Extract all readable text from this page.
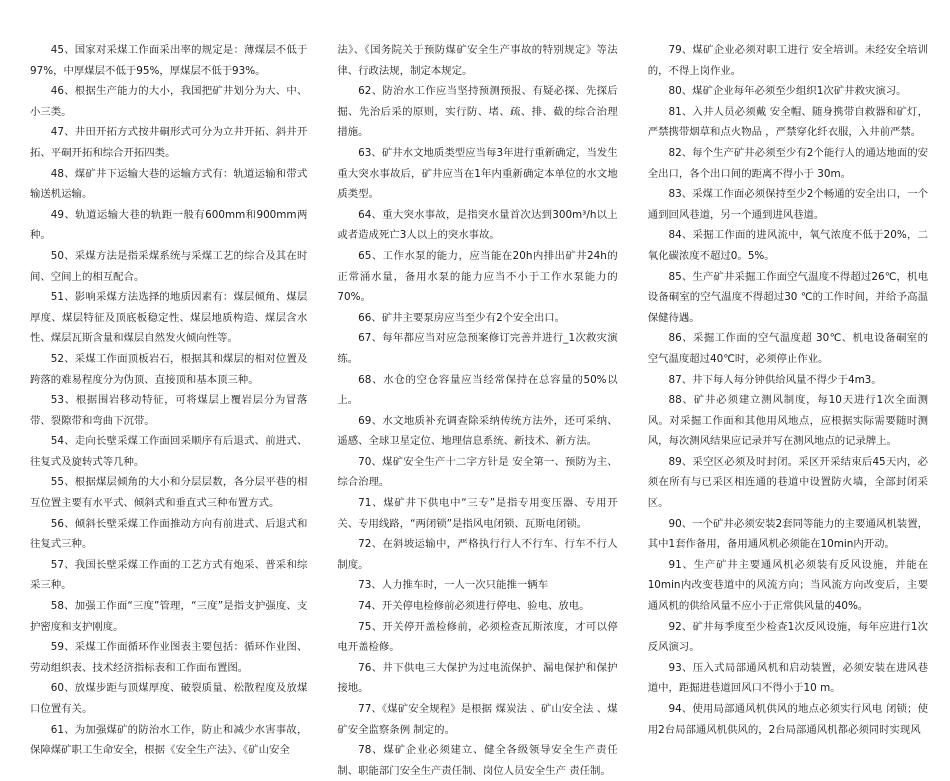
45、国家对采煤工作面采出率的规定是：薄煤层不低于97%，中厚煤层不低于95%，厚煤层不低于93%。

46、根据生产能力的大小，我国把矿井划分为大、中、小三类。

47、井田开拓方式按井硐形式可分为立井开拓、斜井开拓、平硐开拓和综合开拓四类。

48、煤矿井下运输大巷的运输方式有：轨道运输和带式输送机运输。

49、轨道运输大巷的轨距一般有600mm和900mm两种。

50、采煤方法是指采煤系统与采煤工艺的综合及其在时间、空间上的相互配合。

51、影响采煤方法选择的地质因素有：煤层倾角、煤层厚度、煤层特征及顶底板稳定性、煤层地质构造、煤层含水性、煤层瓦斯含量和煤层自然发火倾向性等。

52、采煤工作面顶板岩石，根据其和煤层的相对位置及跨落的难易程度分为伪顶、直接顶和基本顶三种。

53、根据围岩移动特征，可将煤层上覆岩层分为冒落带、裂隙带和弯曲下沉带。

54、走向长壁采煤工作面回采顺序有后退式、前进式、往复式及旋转式等几种。

55、根据煤层倾角的大小和分层层数，各分层平巷的相互位置主要有水平式、倾斜式和垂直式三种布置方式。

56、倾斜长壁采煤工作面推动方向有前进式、后退式和往复式三种。

57、我国长壁采煤工作面的工艺方式有炮采、普采和综采三种。

58、加强工作面“三度”管理，“三度”是指支护强度、支护密度和支护刚度。

59、采煤工作面循环作业图表主要包括：循环作业图、劳动组织表、技术经济指标表和工作面布置图。

60、放煤步距与顶煤厚度、破裂质量、松散程度及放煤口位置有关。

61、为加强煤矿的防治水工作，防止和减少水害事故，保障煤矿职工生命安全，根据《安全生产法》、《矿山安全

法》、《国务院关于预防煤矿安全生产事故的特别规定》等法律、行政法规，制定本规定。

62、防治水工作应当坚持预测预报、有疑必探、先探后掘、先治后采的原则，实行防、堵、疏、排、截的综合治理措施。

63、矿井水文地质类型应当每3年进行重新确定，当发生重大突水事故后，矿井应当在1年内重新确定本单位的水文地质类型。

64、重大突水事故，是指突水量首次达到300m³/h以上或者造成死亡3人以上的突水事故。

65、工作水泵的能力，应当能在20h内排出矿井24h的正常涌水量，备用水泵的能力应当不小于工作水泵能力的70%。

66、矿井主要泵房应当至少有2个安全出口。

67、每年都应当对应急预案修订完善并进行_1次救灾演练。

68、水仓的空仓容量应当经常保持在总容量的50%以上。

69、水文地质补充调查除采纳传统方法外，还可采纳、遥感、全球卫星定位、地理信息系统、新技术、新方法。

70、煤矿安全生产十二字方针是 安全第一、预防为主、综合治理。

71、煤矿井下供电中“三专”是指专用变压器、专用开关、专用线路，“两闭锁”是指风电闭锁、瓦斯电闭锁。

72、在斜坡运输中，严格执行行人不行车、行车不行人制度。

73、人力推车时，一人一次只能推一辆车

74、开关停电检修前必须进行停电、验电、放电。

75、开关停开盖检修前，必须检查瓦斯浓度，才可以停电开盖检修。

76、井下供电三大保护为过电流保护、漏电保护和保护接地。

77、《煤矿安全规程》是根据 煤炭法 、矿山安全法 、煤矿安全监察条例 制定的。

78、煤矿企业必须建立、健全各级领导安全生产责任制、职能部门安全生产责任制、岗位人员安全生产 责任制。

79、煤矿企业必须对职工进行 安全培训。未经安全培训的，不得上岗作业。

80、煤矿企业每年必须至少组织1次矿井救灾演习。

81、入井人员必须戴 安全帽、随身携带自救器和矿灯，严禁携带烟草和点火物品 ，严禁穿化纤衣服，入井前严禁。

82、每个生产矿井必须至少有2个能行人的通达地面的安全出口，各个出口间的距离不得小于 30m。

83、采煤工作面必须保持至少2个畅通的安全出口，一个通到回风巷道，另一个通到进风巷道。

84、采掘工作面的进风流中，氧气浓度不低于20%，二氧化碳浓度不超过0。5%。

85、生产矿井采掘工作面空气温度不得超过26℃，机电设备硐室的空气温度不得超过30 ℃的工作时间，并给予高温保健待遇。

86、采掘工作面的空气温度超 30℃、机电设备硐室的空气温度超过40℃时，必须停止作业。

87、井下每人每分钟供给风量不得少于4m3。

88、矿井必须建立测风制度，每10天进行1次全面测风。对采掘工作面和其他用风地点，应根据实际需要随时测风，每次测风结果应记录并写在测风地点的记录牌上。

89、采空区必须及时封闭。采区开采结束后45天内，必须在所有与已采区相连通的巷道中设置防火墙，全部封闭采区。

90、一个矿井必须安装2套同等能力的主要通风机装置，其中1套作备用，备用通风机必须能在10min内开动。

91、生产矿井主要通风机必须装有反风设施，并能在10min内改变巷道中的风流方向；当风流方向改变后，主要通风机的供给风量不应小于正常供风量的40%。

92、矿井每季度至少检查1次反风设施，每年应进行1次反风演习。

93、压入式局部通风机和启动装置，必须安装在进风巷道中，距掘进巷道回风口不得小于10 m。

94、使用局部通风机供风的地点必须实行风电 闭锁；使用2台局部通风机供风的，2台局部通风机都必须同时实现风
